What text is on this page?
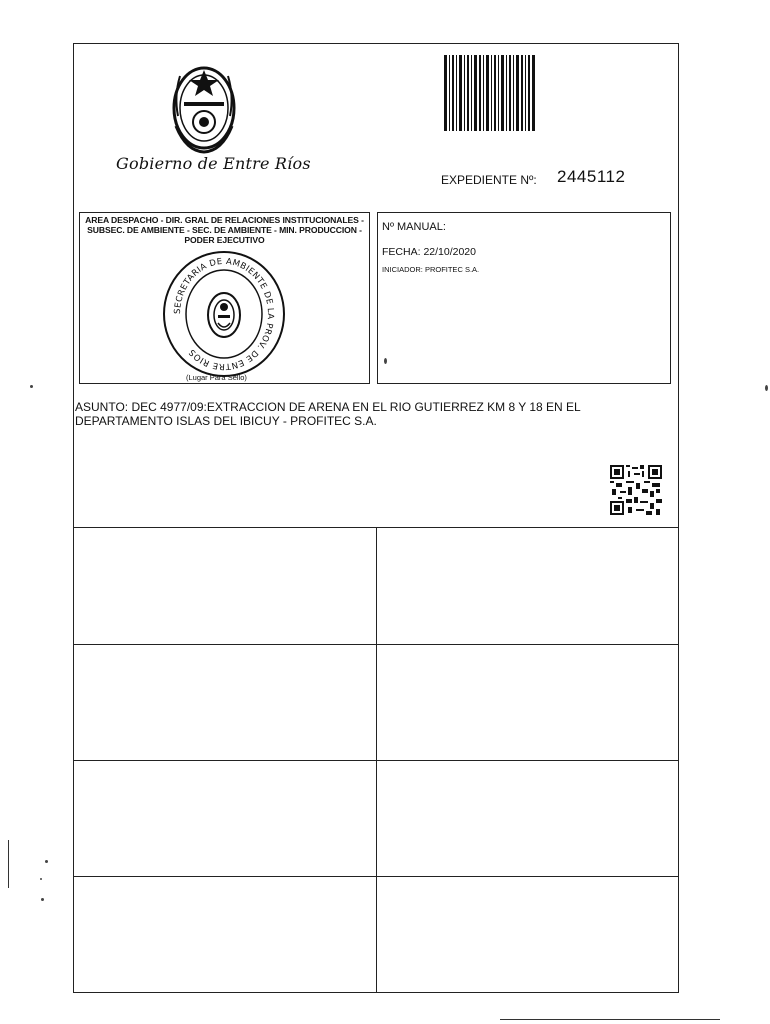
Gobierno de Entre Ríos
EXPEDIENTE Nº: 2445112
AREA DESPACHO - DIR. GRAL DE RELACIONES INSTITUCIONALES - SUBSEC. DE AMBIENTE - SEC. DE AMBIENTE - MIN. PRODUCCION - PODER EJECUTIVO
SECRETARIA DE AMBIENTE DE LA PROV. DE ENTRE RIOS
(Lugar Para Sello)
Nº MANUAL:
FECHA: 22/10/2020
INICIADOR: PROFITEC S.A.
ASUNTO: DEC 4977/09:EXTRACCION DE ARENA EN EL RIO GUTIERREZ KM 8 Y 18 EN EL
DEPARTAMENTO ISLAS DEL IBICUY - PROFITEC S.A.
